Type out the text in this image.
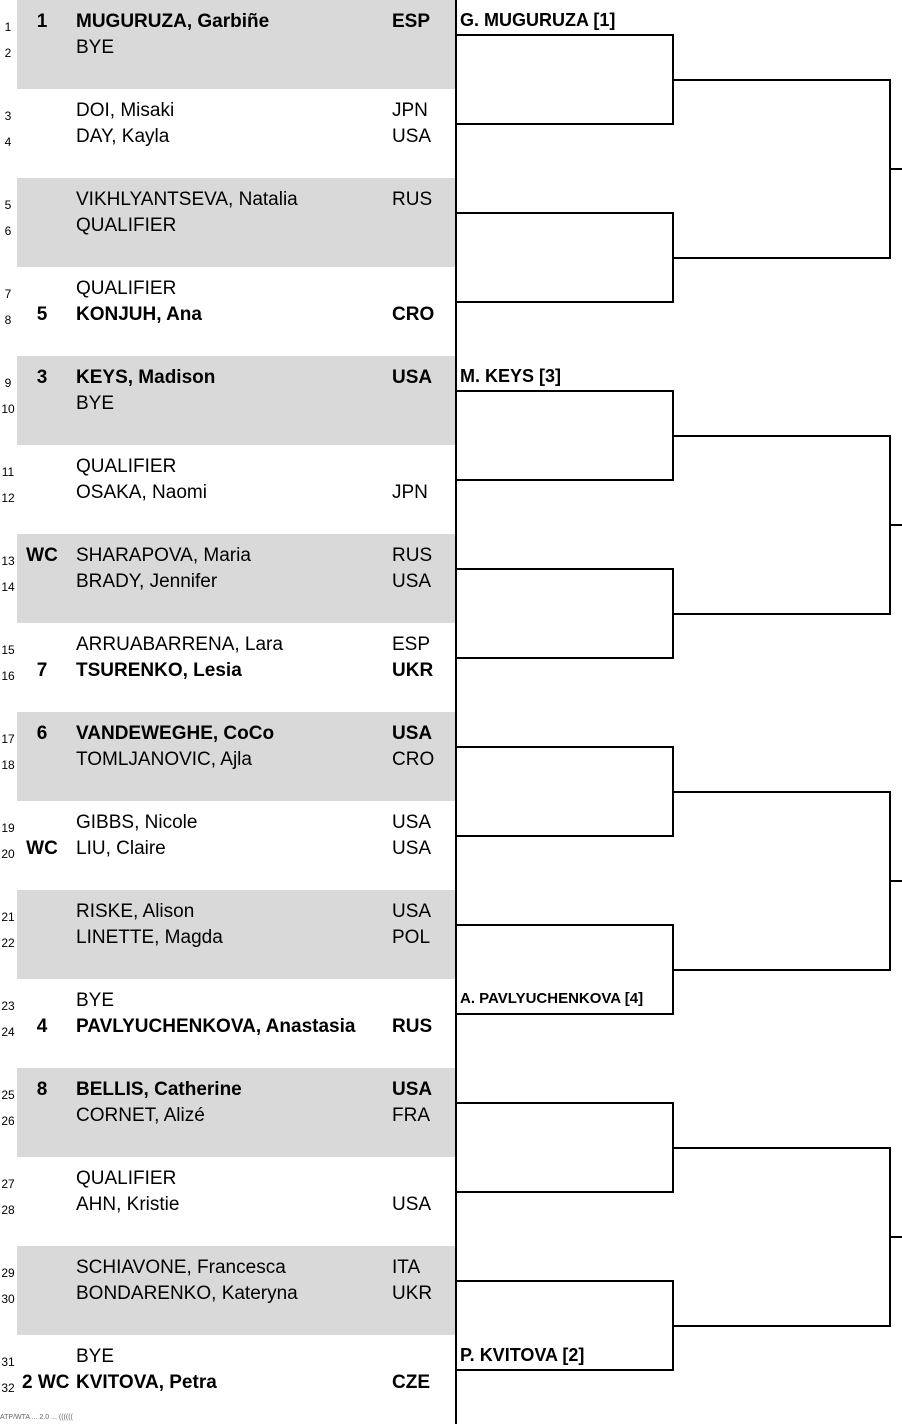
1	1	MUGURUZA, Garbiñe	ESP
2	BYE
3	DOI, Misaki	JPN
4	DAY, Kayla	USA
5	VIKHLYANTSEVA, Natalia	RUS
6	QUALIFIER
7	QUALIFIER
8	5	KONJUH, Ana	CRO
9	3	KEYS, Madison	USA
10	BYE
11	QUALIFIER
12	OSAKA, Naomi	JPN
13 WC SHARAPOVA, Maria	RUS
14	BRADY, Jennifer	USA
15	ARRUABARRENA, Lara	ESP
16	7	TSURENKO, Lesia	UKR
17	6	VANDEWEGHE, CoCo	USA
18	TOMLJANOVIC, Ajla	CRO
19	GIBBS, Nicole	USA
20 WC LIU, Claire	USA
21	RISKE, Alison	USA
22	LINETTE, Magda	POL
23	BYE
24	4	PAVLYUCHENKOVA, Anastasia RUS
25	8	BELLIS, Catherine	USA
26	CORNET, Alizé	FRA
27	QUALIFIER
28	AHN, Kristie	USA
29	SCHIAVONE, Francesca	ITA
30	BONDARENKO, Kateryna	UKR
31	BYE
32 2 WC KVITOVA, Petra	CZE
G. MUGURUZA [1]
M. KEYS [3]
A. PAVLYUCHENKOVA [4]
P. KVITOVA [2]
ATP/WTA ... 2.0 ... ((((((
